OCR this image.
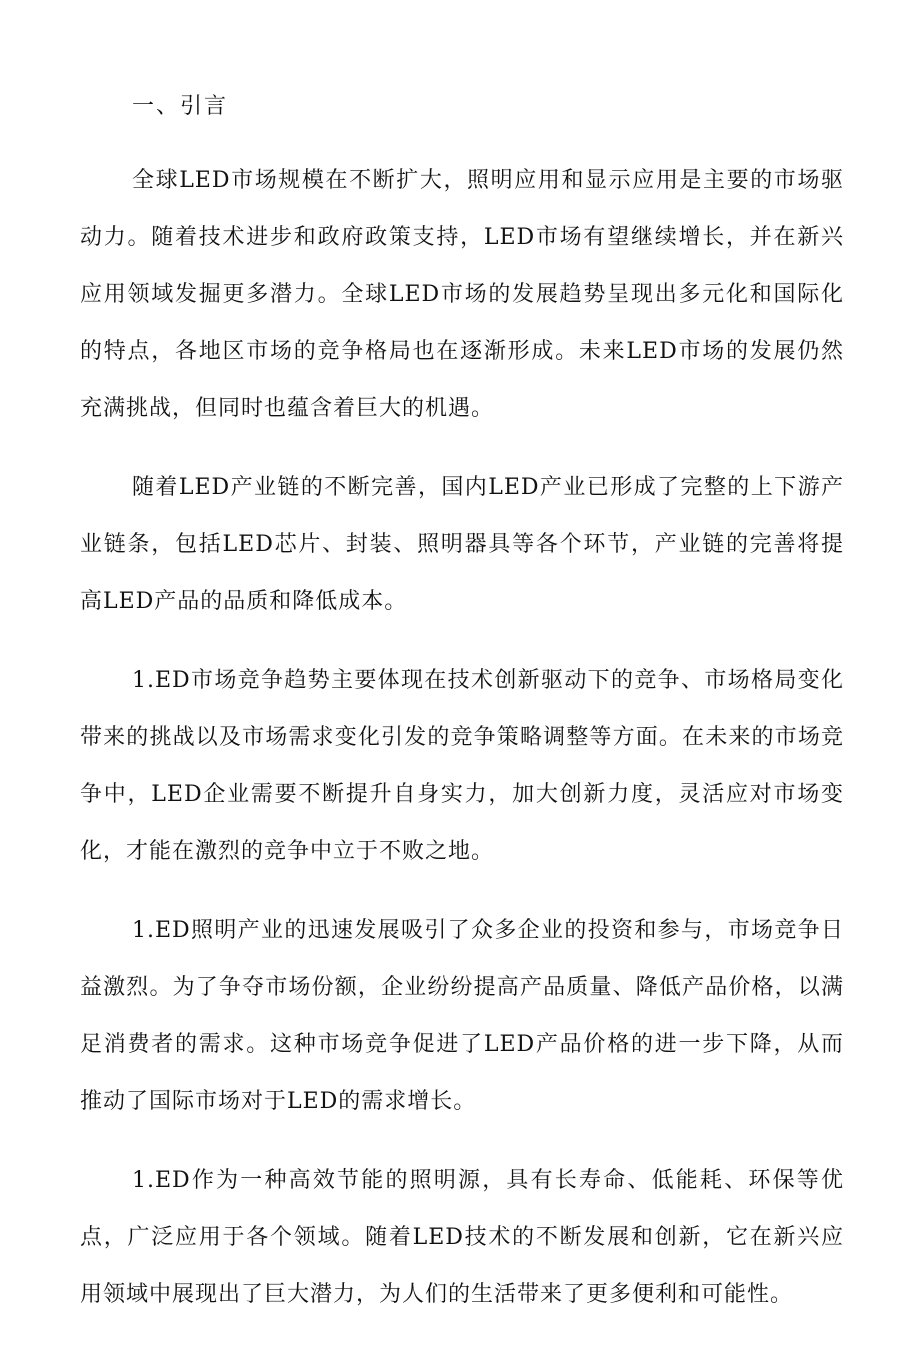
一、引言

全球LED市场规模在不断扩大，照明应用和显示应用是主要的市场驱动力。随着技术进步和政府政策支持，LED市场有望继续增长，并在新兴应用领域发掘更多潜力。全球LED市场的发展趋势呈现出多元化和国际化的特点，各地区市场的竞争格局也在逐渐形成。未来LED市场的发展仍然充满挑战，但同时也蕴含着巨大的机遇。

随着LED产业链的不断完善，国内LED产业已形成了完整的上下游产业链条，包括LED芯片、封装、照明器具等各个环节，产业链的完善将提高LED产品的品质和降低成本。

1.ED市场竞争趋势主要体现在技术创新驱动下的竞争、市场格局变化带来的挑战以及市场需求变化引发的竞争策略调整等方面。在未来的市场竞争中，LED企业需要不断提升自身实力，加大创新力度，灵活应对市场变化，才能在激烈的竞争中立于不败之地。

1.ED照明产业的迅速发展吸引了众多企业的投资和参与，市场竞争日益激烈。为了争夺市场份额，企业纷纷提高产品质量、降低产品价格，以满足消费者的需求。这种市场竞争促进了LED产品价格的进一步下降，从而推动了国际市场对于LED的需求增长。

1.ED作为一种高效节能的照明源，具有长寿命、低能耗、环保等优点，广泛应用于各个领域。随着LED技术的不断发展和创新，它在新兴应用领域中展现出了巨大潜力，为人们的生活带来了更多便利和可能性。
